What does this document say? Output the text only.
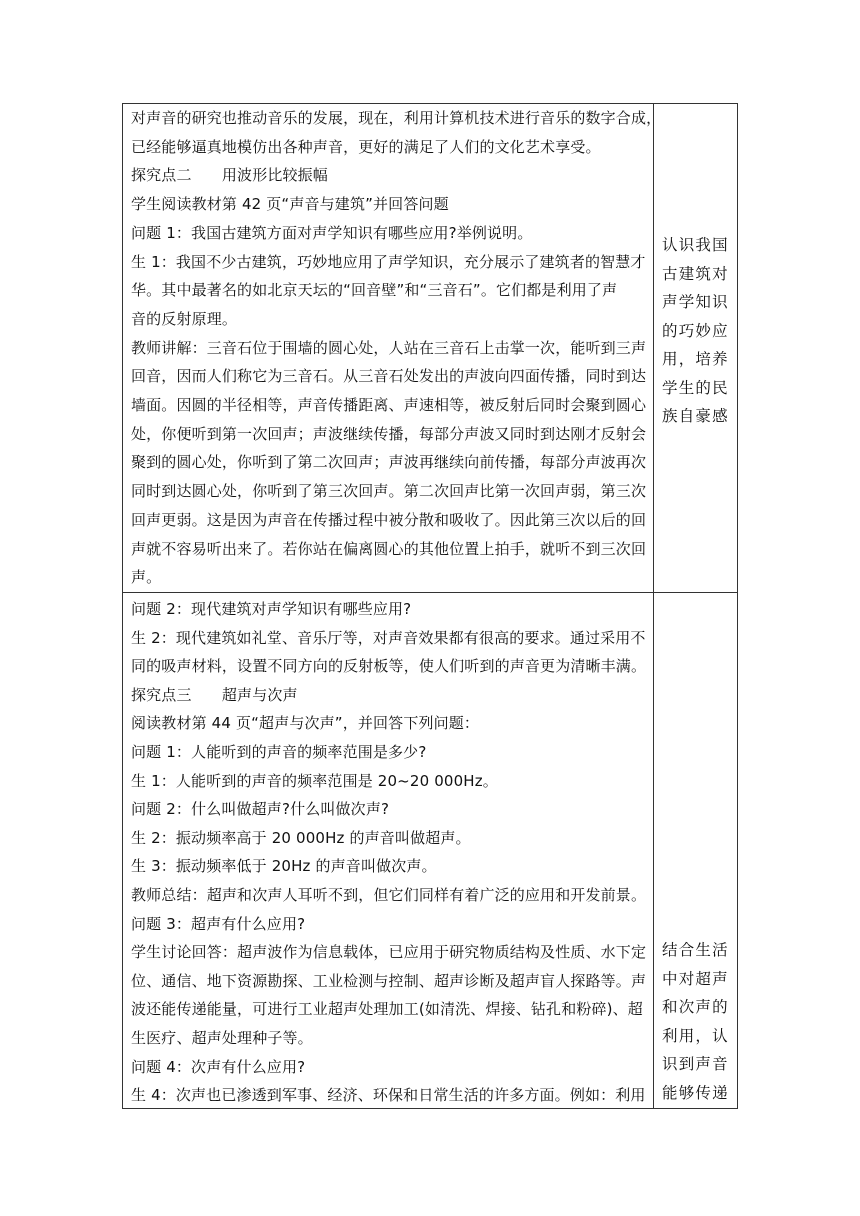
对声音的研究也推动音乐的发展，现在，利用计算机技术进行音乐的数字合成，
已经能够逼真地模仿出各种声音，更好的满足了人们的文化艺术享受。
探究点二　　用波形比较振幅
学生阅读教材第 42 页“声音与建筑”并回答问题
问题 1：我国古建筑方面对声学知识有哪些应用?举例说明。
生 1：我国不少古建筑，巧妙地应用了声学知识，充分展示了建筑者的智慧才
华。其中最著名的如北京天坛的“回音壁”和“三音石”。它们都是利用了声
音的反射原理。
教师讲解：三音石位于围墙的圆心处，人站在三音石上击掌一次，能听到三声
回音，因而人们称它为三音石。从三音石处发出的声波向四面传播，同时到达
墙面。因圆的半径相等，声音传播距离、声速相等，被反射后同时会聚到圆心
处，你便听到第一次回声；声波继续传播，每部分声波又同时到达刚才反射会
聚到的圆心处，你听到了第二次回声；声波再继续向前传播，每部分声波再次
同时到达圆心处，你听到了第三次回声。第二次回声比第一次回声弱，第三次
回声更弱。这是因为声音在传播过程中被分散和吸收了。因此第三次以后的回
声就不容易听出来了。若你站在偏离圆心的其他位置上拍手，就听不到三次回
声。
认识我国
古建筑对
声学知识
的巧妙应
用，培养
学生的民
族自豪感
问题 2：现代建筑对声学知识有哪些应用?
生 2：现代建筑如礼堂、音乐厅等，对声音效果都有很高的要求。通过采用不
同的吸声材料，设置不同方向的反射板等，使人们听到的声音更为清晰丰满。
探究点三　　超声与次声
阅读教材第 44 页“超声与次声”，并回答下列问题：
问题 1：人能听到的声音的频率范围是多少?
生 1：人能听到的声音的频率范围是 20~20 000Hz。
问题 2：什么叫做超声?什么叫做次声?
生 2：振动频率高于 20 000Hz 的声音叫做超声。
生 3：振动频率低于 20Hz 的声音叫做次声。
教师总结：超声和次声人耳听不到，但它们同样有着广泛的应用和开发前景。
问题 3：超声有什么应用?
学生讨论回答：超声波作为信息载体，已应用于研究物质结构及性质、水下定
位、通信、地下资源勘探、工业检测与控制、超声诊断及超声盲人探路等。声
波还能传递能量，可进行工业超声处理加工(如清洗、焊接、钻孔和粉碎)、超
生医疗、超声处理种子等。
问题 4：次声有什么应用?
生 4：次声也已渗透到军事、经济、环保和日常生活的许多方面。例如：利用
结合生活
中对超声
和次声的
利用，认
识到声音
能够传递
